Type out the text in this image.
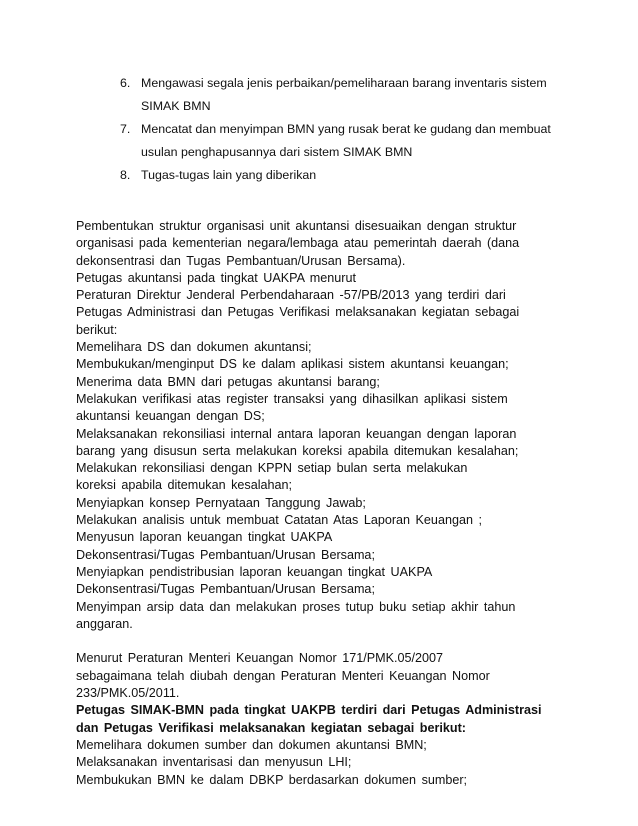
6. Mengawasi segala jenis perbaikan/pemeliharaan barang inventaris sistem
SIMAK BMN
7. Mencatat dan menyimpan BMN yang rusak berat ke gudang dan membuat
usulan penghapusannya dari sistem SIMAK BMN
8. Tugas-tugas lain yang diberikan
Pembentukan struktur organisasi unit akuntansi disesuaikan dengan struktur
organisasi pada kementerian negara/lembaga atau pemerintah daerah (dana
dekonsentrasi dan Tugas Pembantuan/Urusan Bersama).
Petugas akuntansi pada tingkat UAKPA menurut
Peraturan Direktur Jenderal Perbendaharaan -57/PB/2013 yang terdiri dari
Petugas Administrasi dan Petugas Verifikasi melaksanakan kegiatan sebagai
berikut:
Memelihara DS dan dokumen akuntansi;
Membukukan/menginput DS ke dalam aplikasi sistem akuntansi keuangan;
Menerima data BMN dari petugas akuntansi barang;
Melakukan verifikasi atas register transaksi yang dihasilkan aplikasi sistem
akuntansi keuangan dengan DS;
Melaksanakan rekonsiliasi internal antara laporan keuangan dengan laporan
barang yang disusun serta melakukan koreksi apabila ditemukan kesalahan;
Melakukan rekonsiliasi dengan KPPN setiap bulan serta melakukan
koreksi apabila ditemukan kesalahan;
Menyiapkan konsep Pernyataan Tanggung Jawab;
Melakukan analisis untuk membuat Catatan Atas Laporan Keuangan ;
Menyusun laporan keuangan tingkat UAKPA
Dekonsentrasi/Tugas Pembantuan/Urusan Bersama;
Menyiapkan pendistribusian laporan keuangan tingkat UAKPA
Dekonsentrasi/Tugas Pembantuan/Urusan Bersama;
Menyimpan arsip data dan melakukan proses tutup buku setiap akhir tahun
anggaran.
Menurut Peraturan Menteri Keuangan Nomor 171/PMK.05/2007
sebagaimana telah diubah dengan Peraturan Menteri Keuangan Nomor
233/PMK.05/2011.
Petugas SIMAK-BMN pada tingkat UAKPB terdiri dari Petugas Administrasi
dan Petugas Verifikasi melaksanakan kegiatan sebagai berikut:
Memelihara dokumen sumber dan dokumen akuntansi BMN;
Melaksanakan inventarisasi dan menyusun LHI;
Membukukan BMN ke dalam DBKP berdasarkan dokumen sumber;
